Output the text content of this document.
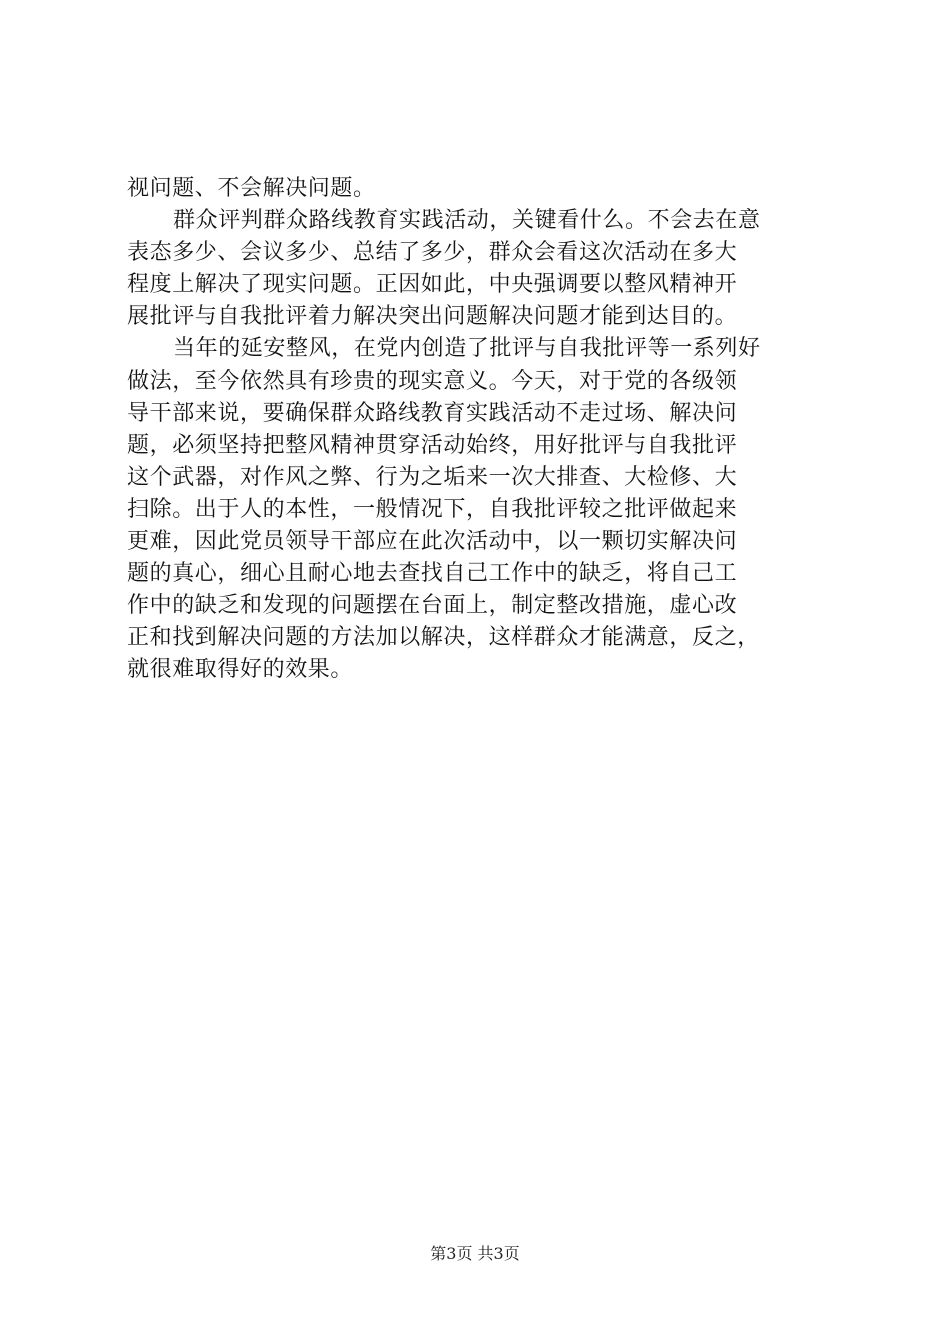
视问题、不会解决问题。
群众评判群众路线教育实践活动，关键看什么。不会去在意
表态多少、会议多少、总结了多少，群众会看这次活动在多大
程度上解决了现实问题。正因如此，中央强调要以整风精神开
展批评与自我批评着力解决突出问题解决问题才能到达目的。
当年的延安整风，在党内创造了批评与自我批评等一系列好
做法，至今依然具有珍贵的现实意义。今天，对于党的各级领
导干部来说，要确保群众路线教育实践活动不走过场、解决问
题，必须坚持把整风精神贯穿活动始终，用好批评与自我批评
这个武器，对作风之弊、行为之垢来一次大排查、大检修、大
扫除。出于人的本性，一般情况下，自我批评较之批评做起来
更难，因此党员领导干部应在此次活动中，以一颗切实解决问
题的真心，细心且耐心地去查找自己工作中的缺乏，将自己工
作中的缺乏和发现的问题摆在台面上，制定整改措施，虚心改
正和找到解决问题的方法加以解决，这样群众才能满意，反之，
就很难取得好的效果。
第3页 共3页
